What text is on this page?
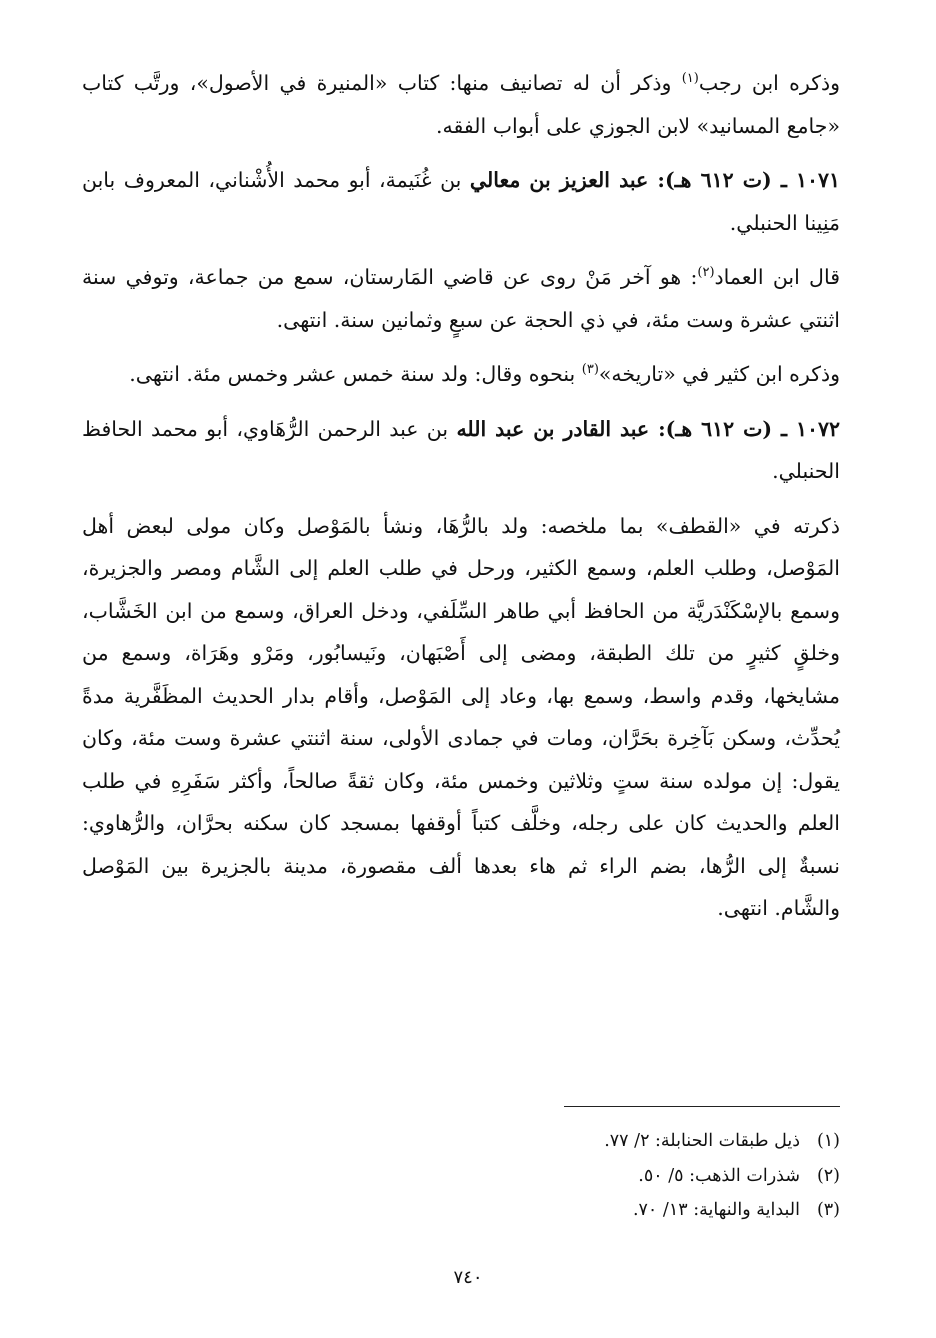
وذكره ابن رجب$^{(١)}$ وذكر أن له تصانيف منها: كتاب «المنيرة في الأصول»، ورتَّب كتاب «جامع المسانيد» لابن الجوزي على أبواب الفقه.

١٠٧١ ـ (ت ٦١٢ هـ): عبد العزيز بن معالي بن غُنَيمة، أبو محمد الأُشْناني، المعروف بابن مَنِينا الحنبلي.

قال ابن العماد$^{(٢)}$: هو آخر مَنْ روى عن قاضي المَارستان، سمع من جماعة، وتوفي سنة اثنتي عشرة وست مئة، في ذي الحجة عن سبعٍ وثمانين سنة. انتهى.

وذكره ابن كثير في «تاريخه»$^{(٣)}$ بنحوه وقال: ولد سنة خمس عشر وخمس مئة. انتهى.

١٠٧٢ ـ (ت ٦١٢ هـ): عبد القادر بن عبد الله بن عبد الرحمن الرُّهَاوي، أبو محمد الحافظ الحنبلي.

ذكرته في «القطف» بما ملخصه: ولد بالرُّهَا، ونشأ بالمَوْصل وكان مولى لبعض أهل المَوْصل، وطلب العلم، وسمع الكثير، ورحل في طلب العلم إلى الشَّام ومصر والجزيرة، وسمع بالإسْكَنْدَريَّة من الحافظ أبي طاهر السِّلَفي، ودخل العراق، وسمع من ابن الخَشَّاب، وخلقٍ كثيرٍ من تلك الطبقة، ومضى إلى أَصْبَهان، ونَيسابُور، ومَرْو وهَرَاة، وسمع من مشايخها، وقدم واسط، وسمع بها، وعاد إلى المَوْصل، وأقام بدار الحديث المظَفَّرية مدةً يُحدِّث، وسكن بَآخِرة بحَرَّان، ومات في جمادى الأولى، سنة اثنتي عشرة وست مئة، وكان يقول: إن مولده سنة ستٍ وثلاثين وخمس مئة، وكان ثقةً صالحاً، وأكثر سَفَرِهِ في طلب العلم والحديث كان على رجله، وخلَّف كتباً أوقفها بمسجد كان سكنه بحرَّان، والرُّهاوي: نسبةٌ إلى الرُّها، بضم الراء ثم هاء بعدها ألف مقصورة، مدينة بالجزيرة بين المَوْصل والشَّام. انتهى.

(١)
ذيل طبقات الحنابلة: ٢/ ٧٧.
(٢)
شذرات الذهب: ٥/ ٥٠.
(٣)
البداية والنهاية: ١٣/ ٧٠.
٧٤٠
